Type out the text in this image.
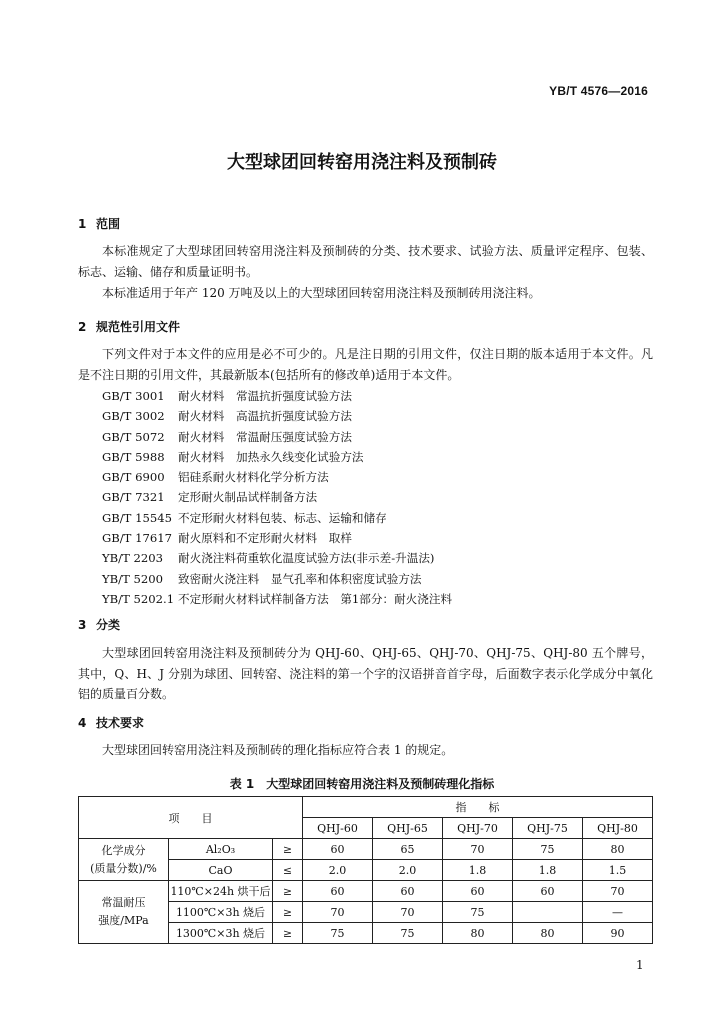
YB/T 4576—2016
大型球团回转窑用浇注料及预制砖
1 范围
本标准规定了大型球团回转窑用浇注料及预制砖的分类、技术要求、试验方法、质量评定程序、包装、标志、运输、储存和质量证明书。
本标准适用于年产 120 万吨及以上的大型球团回转窑用浇注料及预制砖用浇注料。
2 规范性引用文件
下列文件对于本文件的应用是必不可少的。凡是注日期的引用文件，仅注日期的版本适用于本文件。凡是不注日期的引用文件，其最新版本(包括所有的修改单)适用于本文件。
GB/T 3001 耐火材料　常温抗折强度试验方法
GB/T 3002 耐火材料　高温抗折强度试验方法
GB/T 5072 耐火材料　常温耐压强度试验方法
GB/T 5988 耐火材料　加热永久线变化试验方法
GB/T 6900 铝硅系耐火材料化学分析方法
GB/T 7321 定形耐火制品试样制备方法
GB/T 15545 不定形耐火材料包装、标志、运输和储存
GB/T 17617 耐火原料和不定形耐火材料　取样
YB/T 2203 耐火浇注料荷重软化温度试验方法(非示差-升温法)
YB/T 5200 致密耐火浇注料　显气孔率和体积密度试验方法
YB/T 5202.1 不定形耐火材料试样制备方法　第1部分：耐火浇注料
3 分类
大型球团回转窑用浇注料及预制砖分为 QHJ-60、QHJ-65、QHJ-70、QHJ-75、QHJ-80 五个牌号，其中，Q、H、J 分别为球团、回转窑、浇注料的第一个字的汉语拼音首字母，后面数字表示化学成分中氧化铝的质量百分数。
4 技术要求
大型球团回转窑用浇注料及预制砖的理化指标应符合表 1 的规定。
表 1　大型球团回转窑用浇注料及预制砖理化指标
项　　目			指　　标				
			QHJ-60	QHJ-65	QHJ-70	QHJ-75	QHJ-80

化学成分
(质量分数)/%	Al₂O₃	≥	60	65	70	75	80
	CaO	≤	2.0	2.0	1.8	1.8	1.5

常温耐压
强度/MPa	110℃×24h 烘干后	≥	60	60	60	60	70
	1100℃×3h 烧后	≥	70	70	75		—
	1300℃×3h 烧后	≥	75	75	80	80	90
1
